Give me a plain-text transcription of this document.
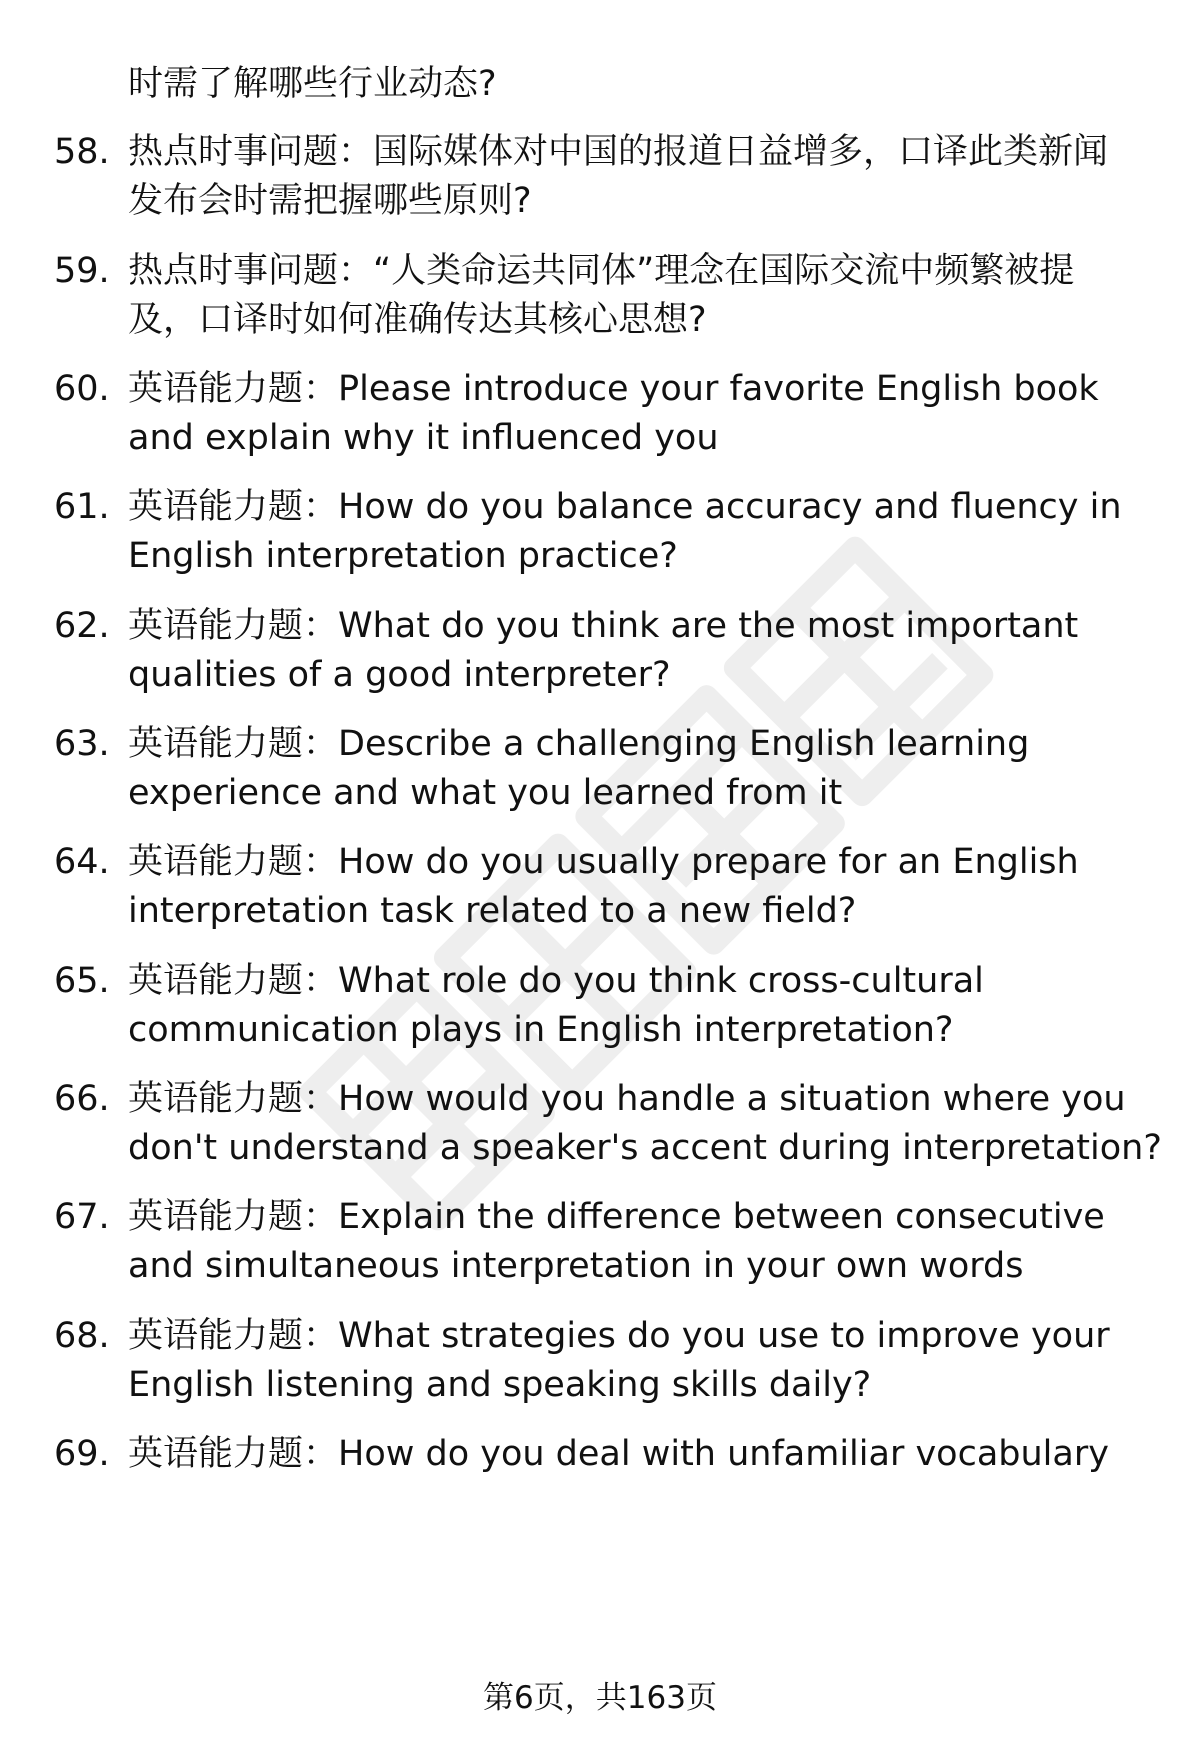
时需了解哪些行业动态?
58. 热点时事问题：国际媒体对中国的报道日益增多，口译此类新闻
发布会时需把握哪些原则?
59. 热点时事问题：“人类命运共同体”理念在国际交流中频繁被提
及，口译时如何准确传达其核心思想?
60. 英语能力题：Please introduce your favorite English book
and explain why it influenced you
61. 英语能力题：How do you balance accuracy and fluency in
English interpretation practice?
62. 英语能力题：What do you think are the most important
qualities of a good interpreter?
63. 英语能力题：Describe a challenging English learning
experience and what you learned from it
64. 英语能力题：How do you usually prepare for an English
interpretation task related to a new field?
65. 英语能力题：What role do you think cross-cultural
communication plays in English interpretation?
66. 英语能力题：How would you handle a situation where you
don't understand a speaker's accent during interpretation?
67. 英语能力题：Explain the difference between consecutive
and simultaneous interpretation in your own words
68. 英语能力题：What strategies do you use to improve your
English listening and speaking skills daily?
69. 英语能力题：How do you deal with unfamiliar vocabulary
第6页，共163页
